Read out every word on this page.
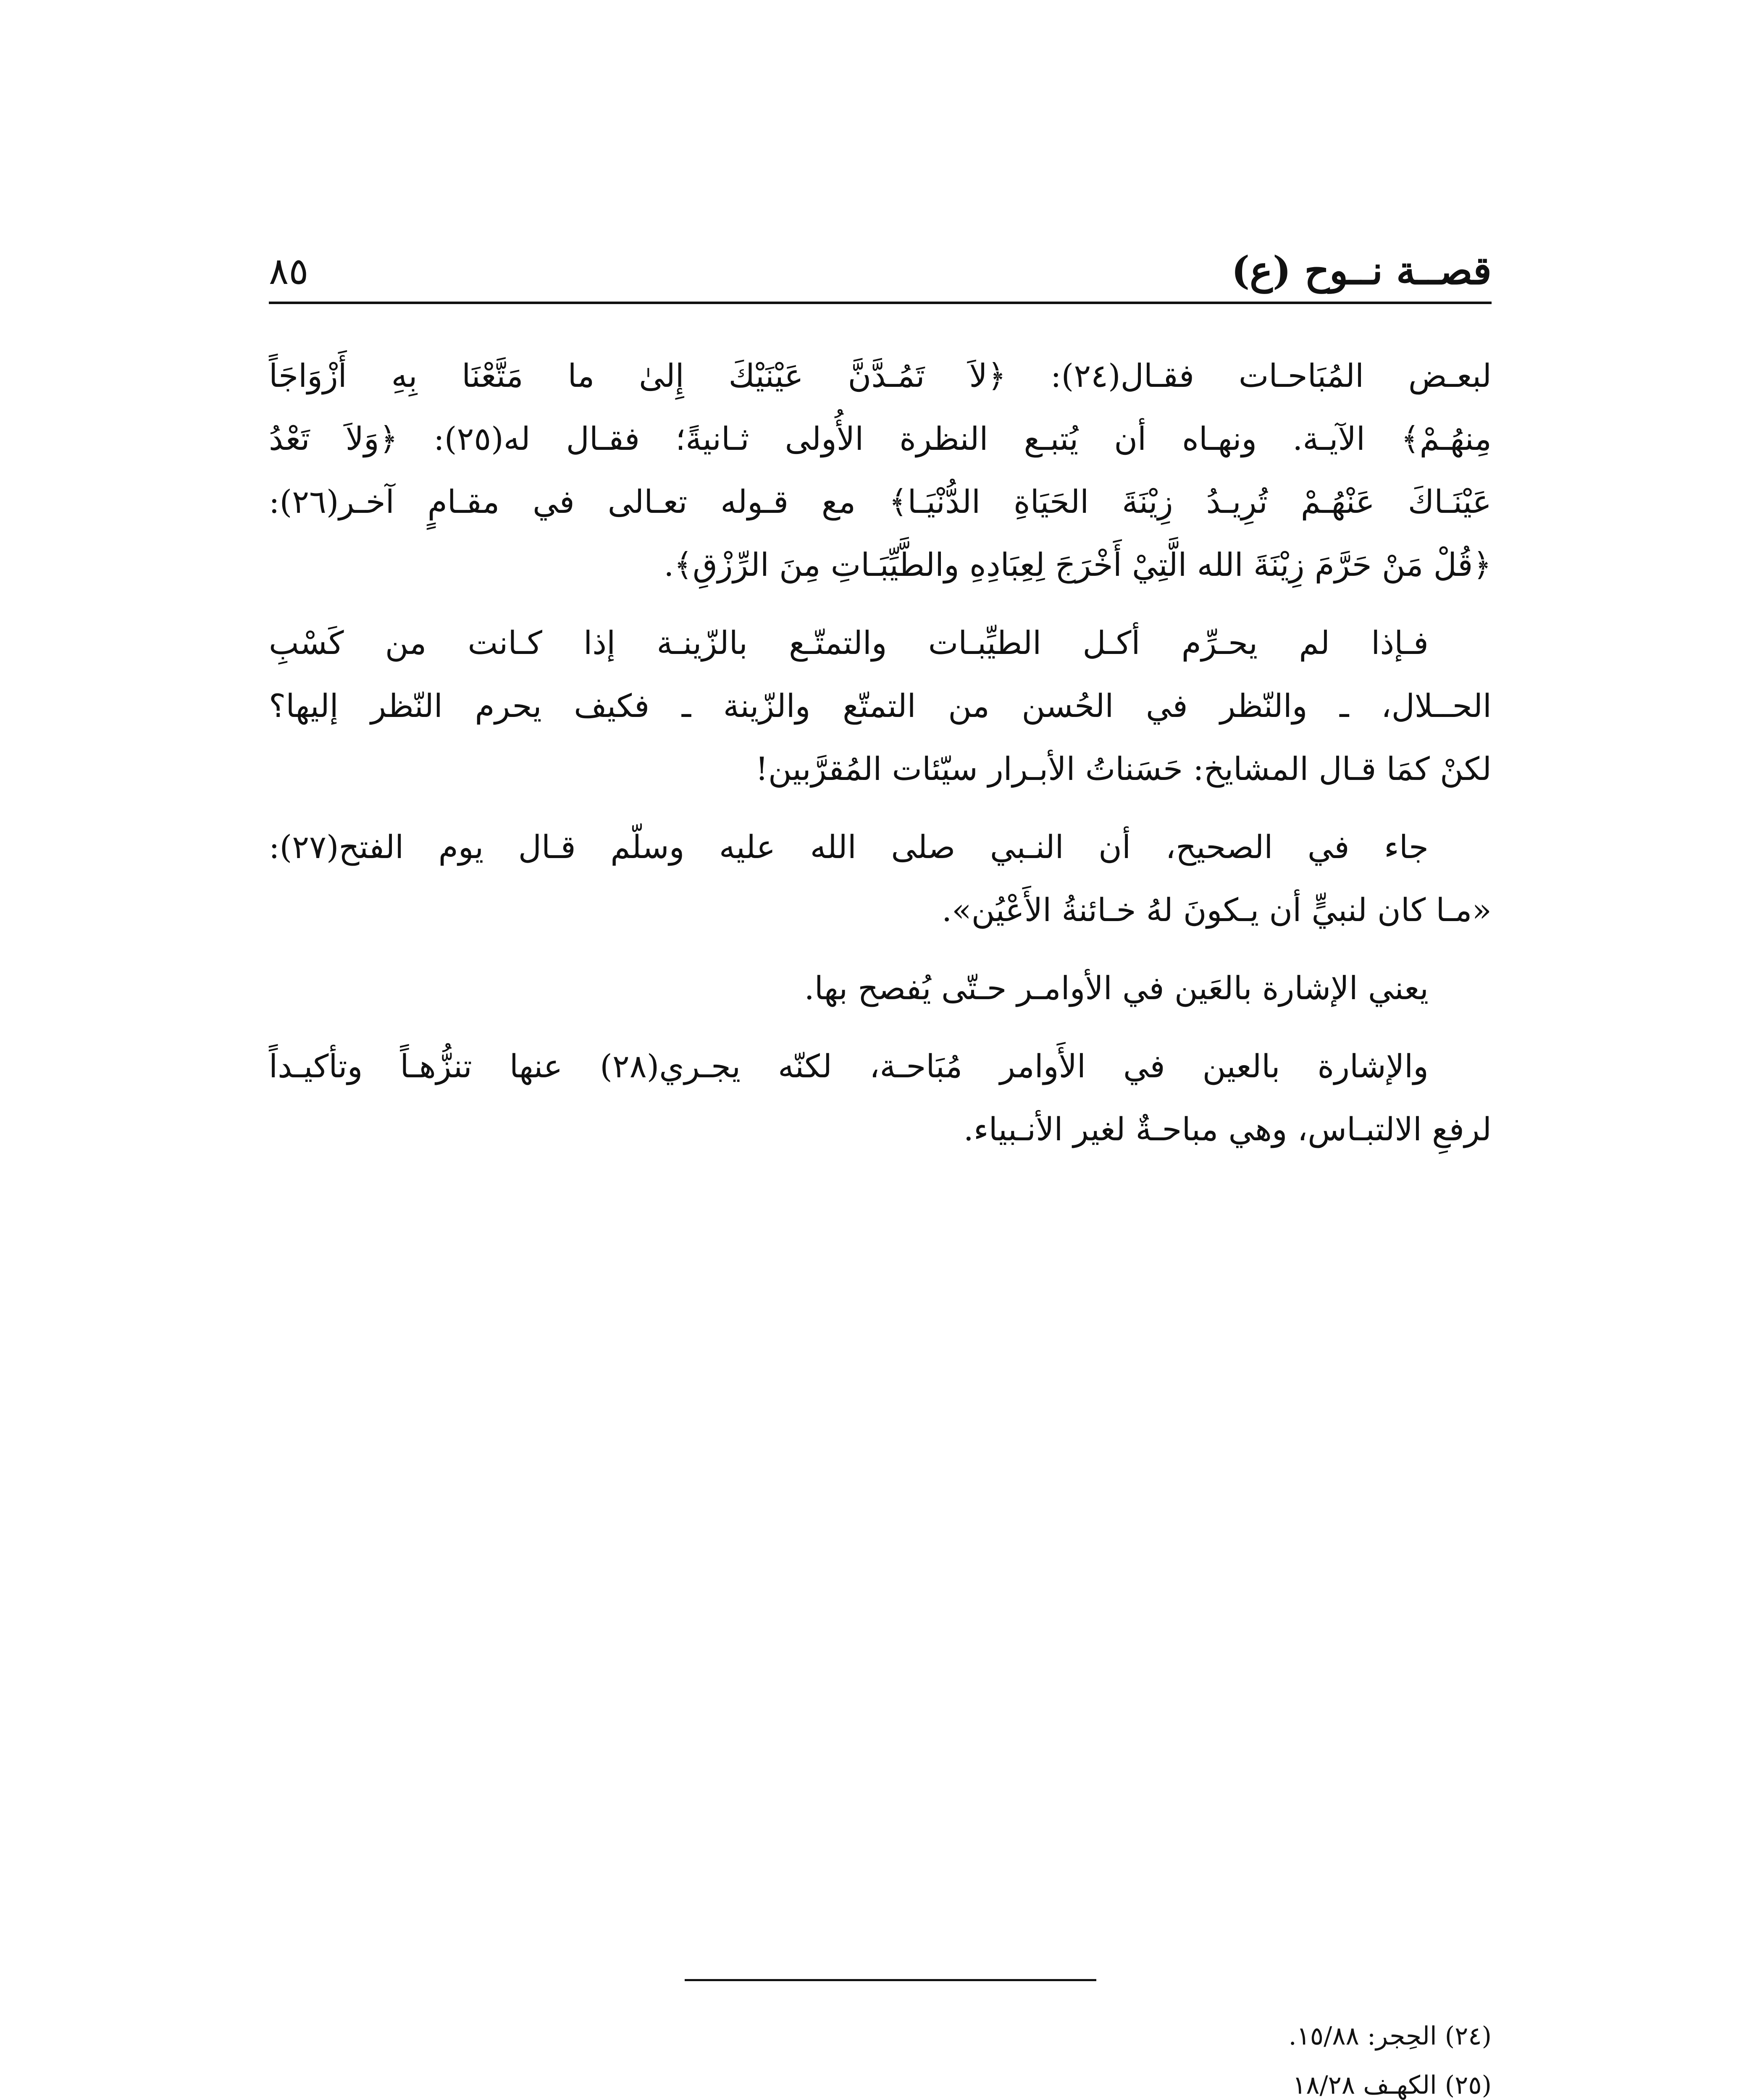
قصــة نــوح (ع)
٨٥
لبعـض المُبَاحـات فقـال(٢٤): ﴿لاَ تَمُـدَّنَّ عَيْنَيْكَ إِلىٰ ما مَتَّعْنَا بِهِ أَزْوَاجَاً
مِنهُـمْ﴾ الآيـة. ونهـاه أن يُتبـع النظرة الأُولى ثـانيةً؛ فقـال له(٢٥): ﴿وَلاَ تَعْدُ
عَيْنَـاكَ عَنْهُـمْ تُرِيـدُ زِيْنَةَ الحَيَاةِ الدُّنْيَـا﴾ مع قـوله تعـالى في مقـامٍ آخـر(٢٦):
﴿قُلْ مَنْ حَرَّمَ زِيْنَةَ الله الَّتِيْ أَخْرَجَ لِعِبَادِهِ والطَّيِّبَـاتِ مِنَ الرِّزْقِ﴾.
فـإذا لم يحـرِّم أكـل الطيِّبـات والتمتّـع بالزّينـة إذا كـانت من كَسْبِ
الحــلال، ـ والنّظر في الحُسن من التمتّع والزّينة ـ فكيف يحرم النّظر إليها؟
لكنْ كمَا قـال المشايخ: حَسَناتُ الأبـرار سيّئات المُقرَّبين!
جاء في الصحيح، أن النـبي صلى الله عليه وسلّم قـال يوم الفتح(٢٧):
«مـا كان لنبيٍّ أن يـكونَ لهُ خـائنةُ الأَعْيُن».
يعني الإشارة بالعَين في الأوامـر حـتّى يُفصح بها.
والإشارة بالعين في الأَوامر مُبَاحـة، لكنّه يجـري(٢٨) عنها تنزُّهـاً وتأكيـداً
لرفعِ الالتبـاس، وهي مباحـةٌ لغير الأنـبياء.
(٢٤) الحِجر: ١٥/٨٨.
(٢٥) الكهـف ١٨/٢٨
